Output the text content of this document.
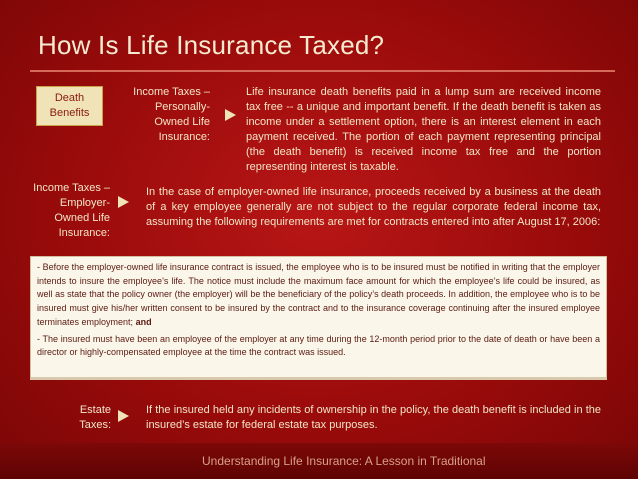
How Is Life Insurance Taxed?
Death Benefits
Income Taxes –
Personally-
Owned Life
Insurance:
Life insurance death benefits paid in a lump sum are received income tax free -- a unique and important benefit. If the death benefit is taken as income under a settlement option, there is an interest element in each payment received. The portion of each payment representing principal (the death benefit) is received income tax free and the portion representing interest is taxable.
Income Taxes –
Employer-
Owned Life
Insurance:
In the case of employer-owned life insurance, proceeds received by a business at the death of a key employee generally are not subject to the regular corporate federal income tax, assuming the following requirements are met for contracts entered into after August 17, 2006:

- Before the employer-owned life insurance contract is issued, the employee who is to be insured must be notified in writing that the employer intends to insure the employee’s life. The notice must include the maximum face amount for which the employee’s life could be insured, as well as state that the policy owner (the employer) will be the beneficiary of the policy’s death proceeds. In addition, the employee who is to be insured must give his/her written consent to be insured by the contract and to the insurance coverage continuing after the insured employee terminates employment; and

- The insured must have been an employee of the employer at any time during the 12-month period prior to the date of death or have been a director or highly-compensated employee at the time the contract was issued.

Estate
Taxes:
If the insured held any incidents of ownership in the policy, the death benefit is included in the insured’s estate for federal estate tax purposes.
Understanding Life Insurance: A Lesson in Traditional
